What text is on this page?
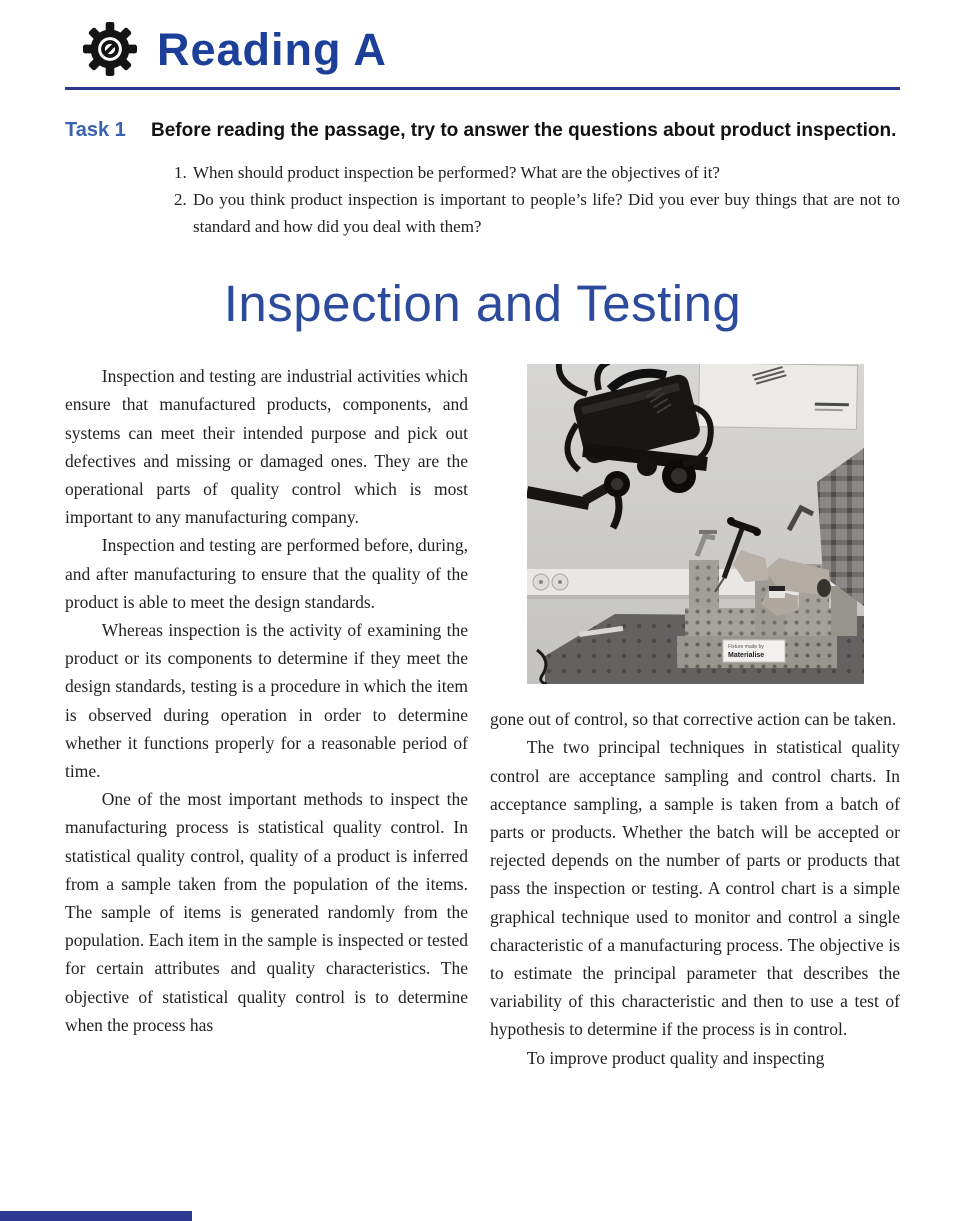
Reading A
Task 1	Before reading the passage, try to answer the questions about product inspection.

1. When should product inspection be performed? What are the objectives of it?
2. Do you think product inspection is important to people’s life? Did you ever buy things that are not to standard and how did you deal with them?
Inspection and Testing

Inspection and testing are industrial activities which ensure that manufactured products, components, and systems can meet their intended purpose and pick out defectives and missing or damaged ones. They are the operational parts of quality control which is most important to any manufacturing company.

Inspection and testing are performed before, during, and after manufacturing to ensure that the quality of the product is able to meet the design standards.

Whereas inspection is the activity of examining the product or its components to determine if they meet the design standards, testing is a procedure in which the item is observed during operation in order to determine whether it functions properly for a reasonable period of time.

One of the most important methods to inspect the manufacturing process is statistical quality control. In statistical quality control, quality of a product is inferred from a sample taken from the population of the items. The sample of items is generated randomly from the population. Each item in the sample is inspected or tested for certain attributes and quality characteristics. The objective of statistical quality control is to determine when the process has

Fixture made by
Materialise

gone out of control, so that corrective action can be taken.

The two principal techniques in statistical quality control are acceptance sampling and control charts. In acceptance sampling, a sample is taken from a batch of parts or products. Whether the batch will be accepted or rejected depends on the number of parts or products that pass the inspection or testing. A control chart is a simple graphical technique used to monitor and control a single characteristic of a manufacturing process. The objective is to estimate the principal parameter that describes the variability of this characteristic and then to use a test of hypothesis to determine if the process is in control.

To improve product quality and inspecting
